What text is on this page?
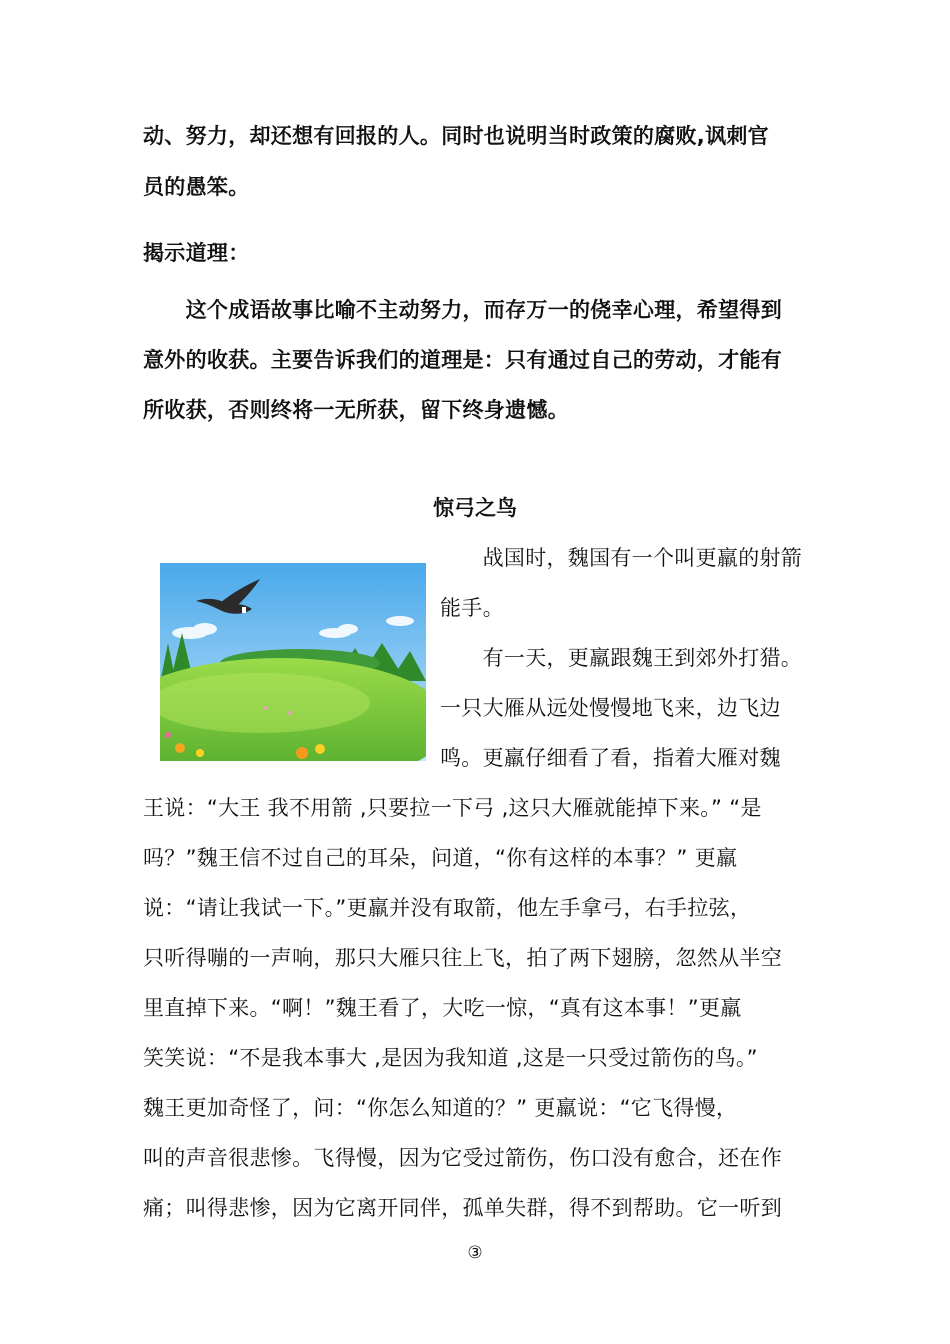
动、努力，却还想有回报的人。同时也说明当时政策的腐败,讽刺官
员的愚笨。
揭示道理：
　　这个成语故事比喻不主动努力，而存万一的侥幸心理，希望得到
意外的收获。主要告诉我们的道理是：只有通过自己的劳动，才能有
所收获，否则终将一无所获，留下终身遗憾。
惊弓之鸟
　　战国时，魏国有一个叫更羸的射箭
能手。
　　有一天，更羸跟魏王到郊外打猎。
一只大雁从远处慢慢地飞来，边飞边
鸣。更羸仔细看了看，指着大雁对魏
王说：“大王 我不用箭 ,只要拉一下弓 ,这只大雁就能掉下来。” “是
吗？”魏王信不过自己的耳朵，问道，“你有这样的本事？” 更羸
说：“请让我试一下。”更羸并没有取箭，他左手拿弓，右手拉弦，
只听得嘣的一声响，那只大雁只往上飞，拍了两下翅膀，忽然从半空
里直掉下来。“啊！”魏王看了，大吃一惊，“真有这本事！”更羸
笑笑说：“不是我本事大 ,是因为我知道 ,这是一只受过箭伤的鸟。”
魏王更加奇怪了，问：“你怎么知道的？” 更羸说：“它飞得慢，
叫的声音很悲惨。飞得慢，因为它受过箭伤，伤口没有愈合，还在作
痛；叫得悲惨，因为它离开同伴，孤单失群，得不到帮助。它一听到
③
